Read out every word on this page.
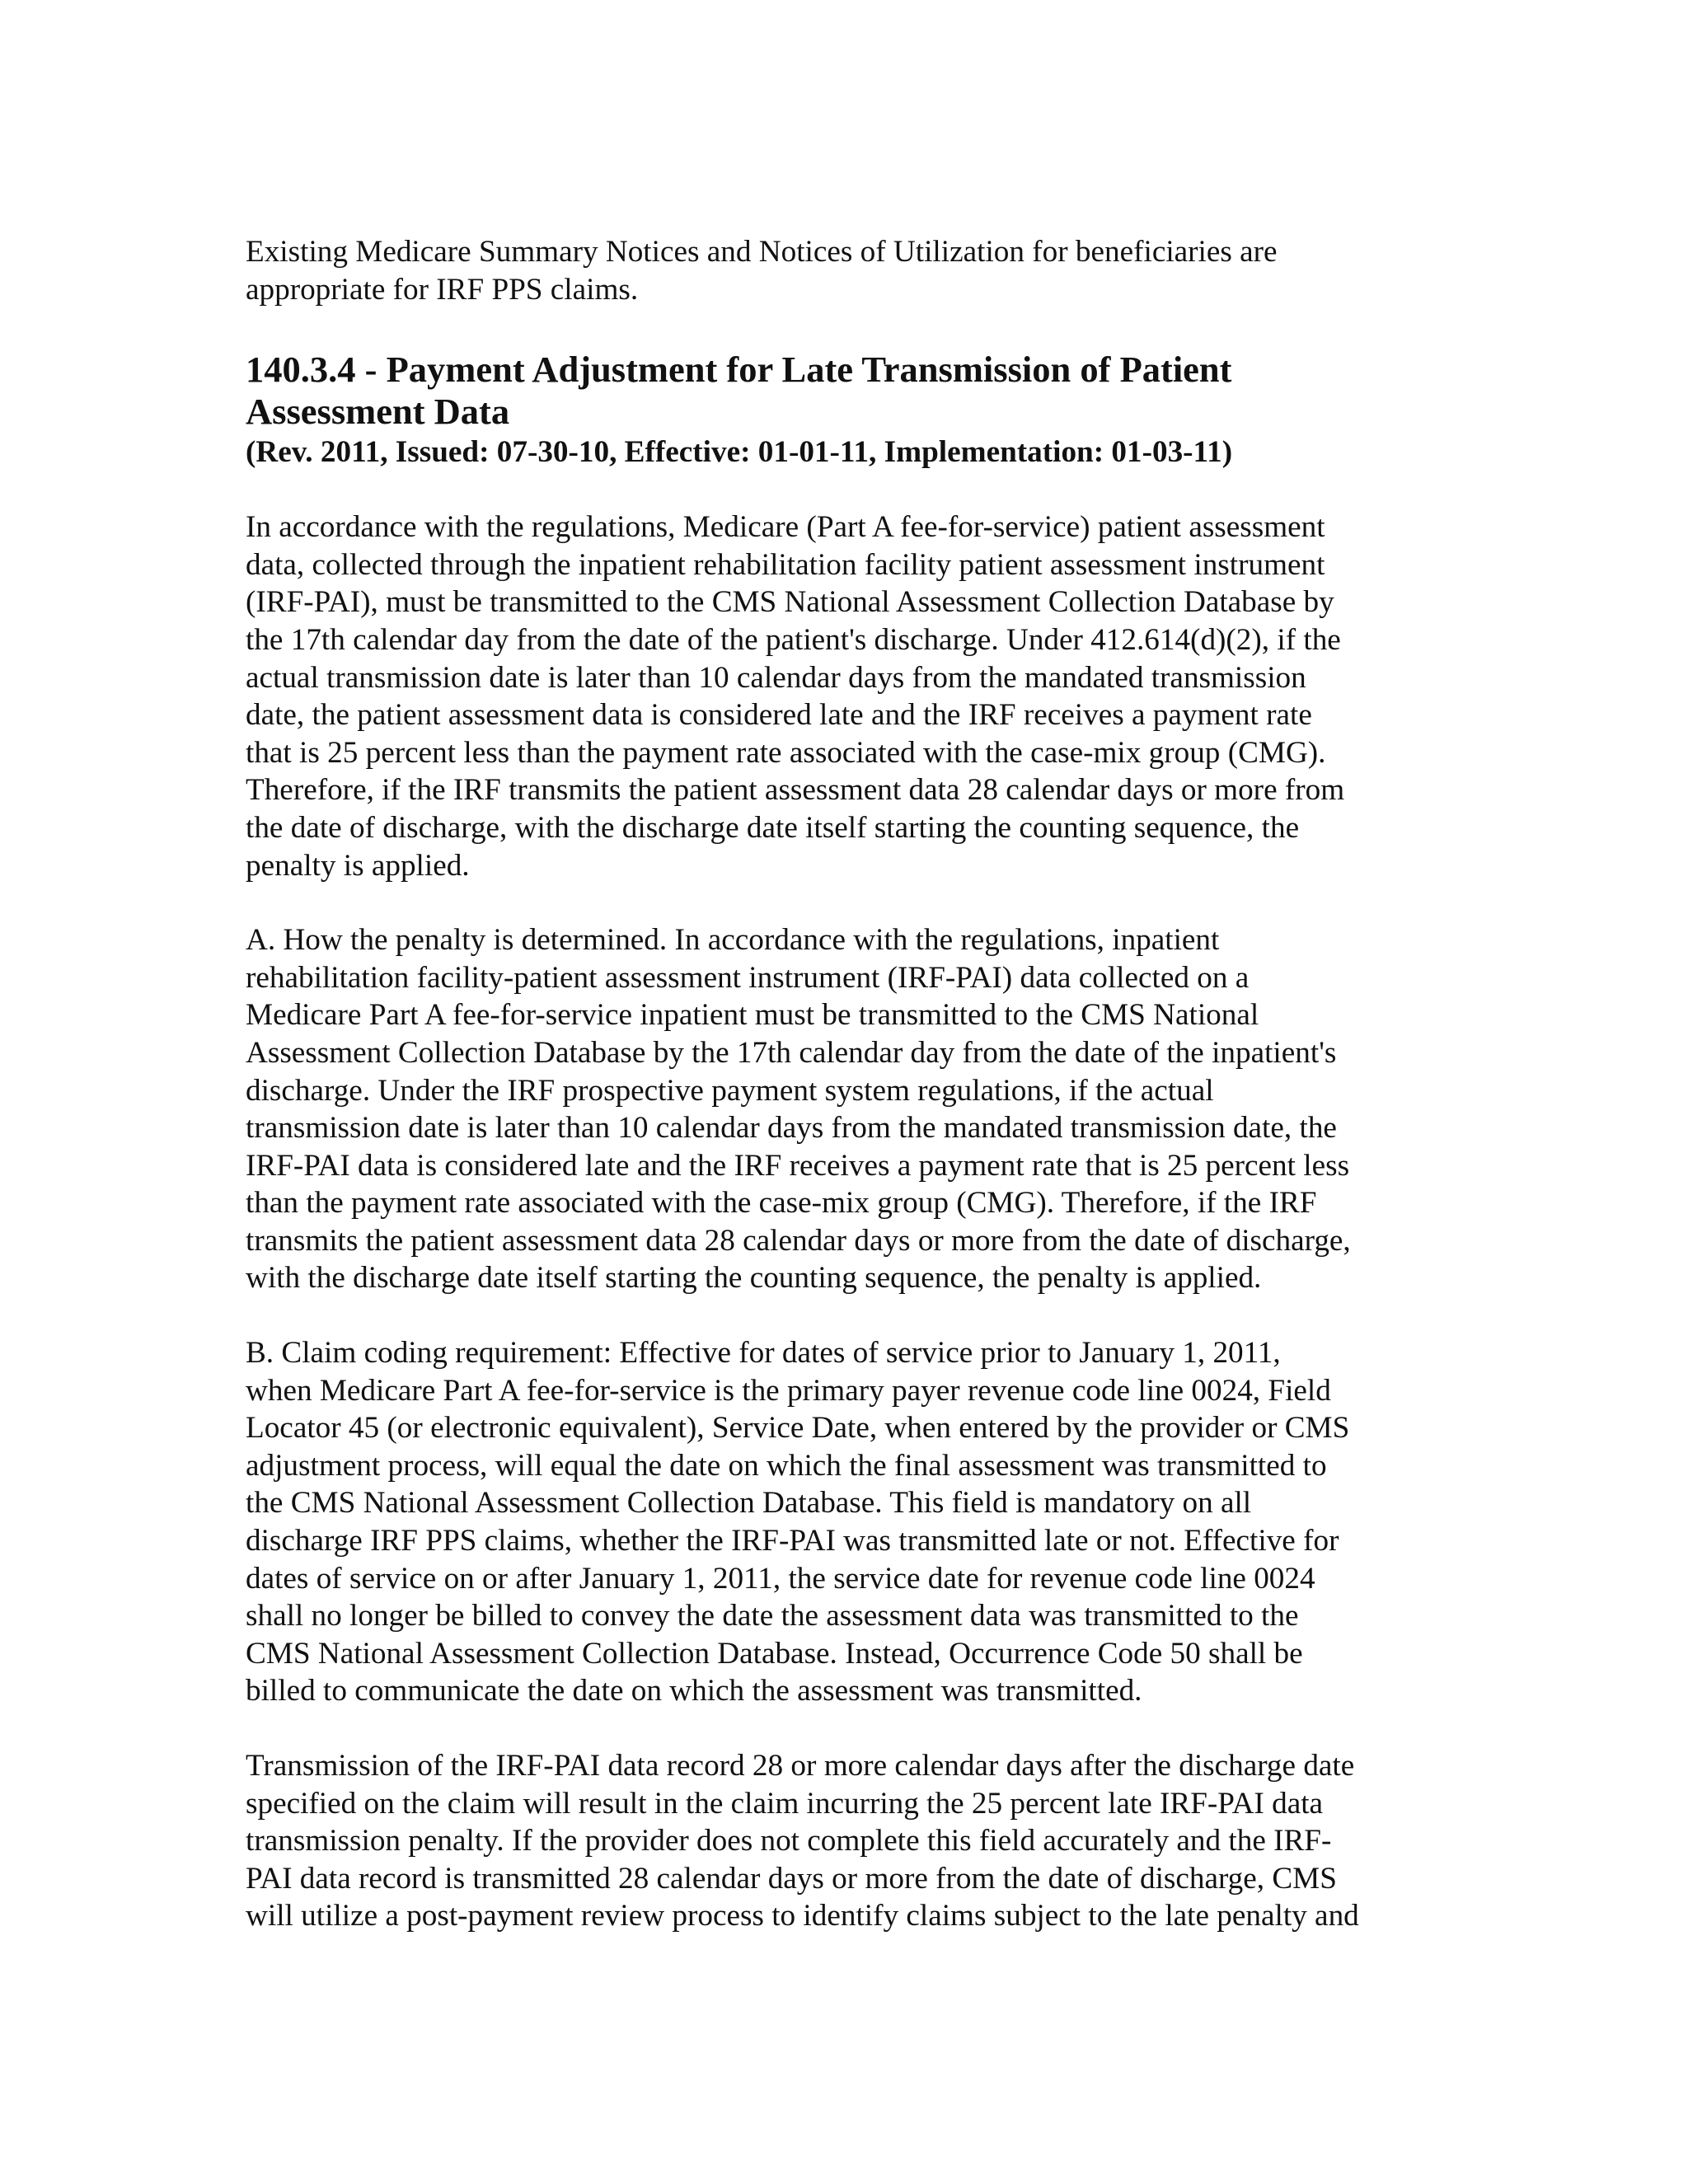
Existing Medicare Summary Notices and Notices of Utilization for beneficiaries are
appropriate for IRF PPS claims.

140.3.4 - Payment Adjustment for Late Transmission of Patient
Assessment Data
(Rev. 2011, Issued: 07-30-10, Effective: 01-01-11, Implementation: 01-03-11)

In accordance with the regulations, Medicare (Part A fee-for-service) patient assessment
data, collected through the inpatient rehabilitation facility patient assessment instrument
(IRF-PAI), must be transmitted to the CMS National Assessment Collection Database by
the 17th calendar day from the date of the patient's discharge. Under 412.614(d)(2), if the
actual transmission date is later than 10 calendar days from the mandated transmission
date, the patient assessment data is considered late and the IRF receives a payment rate
that is 25 percent less than the payment rate associated with the case-mix group (CMG).
Therefore, if the IRF transmits the patient assessment data 28 calendar days or more from
the date of discharge, with the discharge date itself starting the counting sequence, the
penalty is applied.

A. How the penalty is determined. In accordance with the regulations, inpatient
rehabilitation facility-patient assessment instrument (IRF-PAI) data collected on a
Medicare Part A fee-for-service inpatient must be transmitted to the CMS National
Assessment Collection Database by the 17th calendar day from the date of the inpatient's
discharge. Under the IRF prospective payment system regulations, if the actual
transmission date is later than 10 calendar days from the mandated transmission date, the
IRF-PAI data is considered late and the IRF receives a payment rate that is 25 percent less
than the payment rate associated with the case-mix group (CMG). Therefore, if the IRF
transmits the patient assessment data 28 calendar days or more from the date of discharge,
with the discharge date itself starting the counting sequence, the penalty is applied.

B. Claim coding requirement: Effective for dates of service prior to January 1, 2011,
when Medicare Part A fee-for-service is the primary payer revenue code line 0024, Field
Locator 45 (or electronic equivalent), Service Date, when entered by the provider or CMS
adjustment process, will equal the date on which the final assessment was transmitted to
the CMS National Assessment Collection Database. This field is mandatory on all
discharge IRF PPS claims, whether the IRF-PAI was transmitted late or not. Effective for
dates of service on or after January 1, 2011, the service date for revenue code line 0024
shall no longer be billed to convey the date the assessment data was transmitted to the
CMS National Assessment Collection Database. Instead, Occurrence Code 50 shall be
billed to communicate the date on which the assessment was transmitted.

Transmission of the IRF-PAI data record 28 or more calendar days after the discharge date
specified on the claim will result in the claim incurring the 25 percent late IRF-PAI data
transmission penalty. If the provider does not complete this field accurately and the IRF-
PAI data record is transmitted 28 calendar days or more from the date of discharge, CMS
will utilize a post-payment review process to identify claims subject to the late penalty and
